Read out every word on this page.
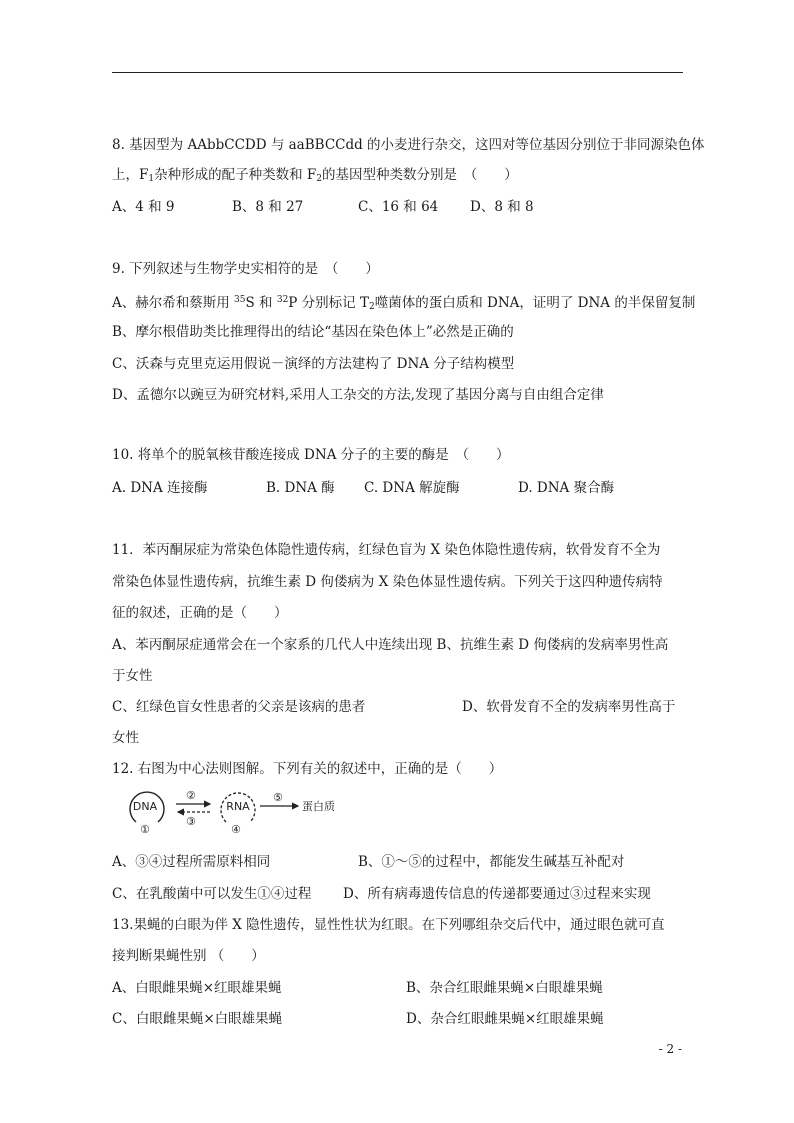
8. 基因型为 AAbbCCDD 与 aaBBCCdd 的小麦进行杂交，这四对等位基因分别位于非同源染色体
上，$F_1$杂种形成的配子种类数和 $F_2$的基因型种类数分别是　（　　）
A、4 和 9	B、8 和 27	C、16 和 64 D、8 和 8
9. 下列叙述与生物学史实相符的是　（　　）
A、赫尔希和蔡斯用 $^{35}$S 和 $^{32}$P 分别标记 $T_2$噬菌体的蛋白质和 DNA，证明了 DNA 的半保留复制
B、摩尔根借助类比推理得出的结论“基因在染色体上”必然是正确的
C、沃森与克里克运用假说－演绎的方法建构了 DNA 分子结构模型
D、孟德尔以豌豆为研究材料,采用人工杂交的方法,发现了基因分离与自由组合定律
10. 将单个的脱氧核苷酸连接成 DNA 分子的主要的酶是　（　　）
A. DNA 连接酶	B. DNA 酶 C. DNA 解旋酶	D. DNA 聚合酶
11．苯丙酮尿症为常染色体隐性遗传病，红绿色盲为 X 染色体隐性遗传病，软骨发育不全为
常染色体显性遗传病，抗维生素 D 佝偻病为 X 染色体显性遗传病。下列关于这四种遗传病特
征的叙述，正确的是（　　）
A、苯丙酮尿症通常会在一个家系的几代人中连续出现 B、抗维生素 D 佝偻病的发病率男性高
于女性
C、红绿色盲女性患者的父亲是该病的患者	D、软骨发育不全的发病率男性高于
女性
12. 右图为中心法则图解。下列有关的叙述中，正确的是（　　）
DNA
①
②
③
RNA
④
⑤
蛋白质
A、③④过程所需原料相同	B、①～⑤的过程中，都能发生碱基互补配对
C、在乳酸菌中可以发生①④过程 D、所有病毒遗传信息的传递都要通过③过程来实现
13.果蝇的白眼为伴 X 隐性遗传，显性性状为红眼。在下列哪组杂交后代中，通过眼色就可直
接判断果蝇性别 （　　）
A、白眼雌果蝇×红眼雄果蝇	B、杂合红眼雌果蝇×白眼雄果蝇
C、白眼雌果蝇×白眼雄果蝇	D、杂合红眼雌果蝇×红眼雄果蝇
- 2 -
